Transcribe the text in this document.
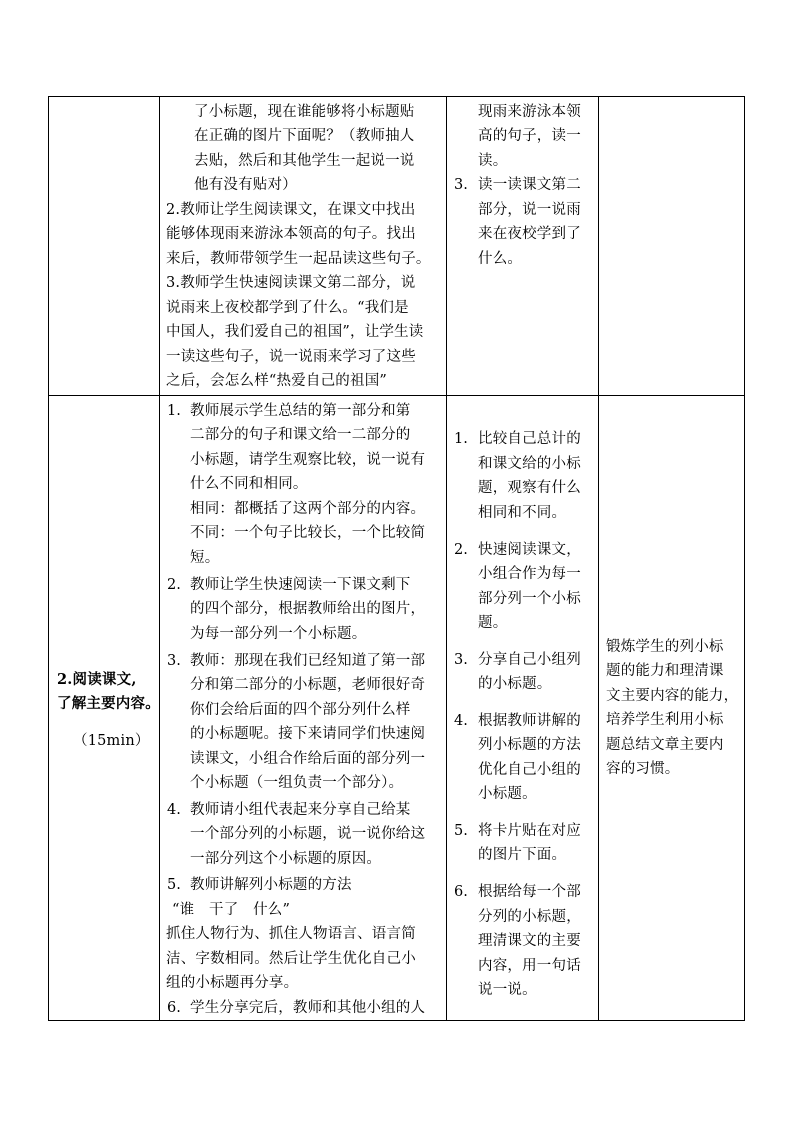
了小标题，现在谁能够将小标题贴
在正确的图片下面呢？（教师抽人
去贴，然后和其他学生一起说一说
他有没有贴对）
2.教师让学生阅读课文，在课文中找出
能够体现雨来游泳本领高的句子。找出
来后，教师带领学生一起品读这些句子。
3.教师学生快速阅读课文第二部分，说
说雨来上夜校都学到了什么。“我们是
中国人，我们爱自己的祖国”，让学生读
一读这些句子，说一说雨来学习了这些
之后，会怎么样“热爱自己的祖国”
现雨来游泳本领
高的句子，读一
读。
3. 读一读课文第二
部分，说一说雨
来在夜校学到了
什么。
2.阅读课文,
了解主要内容。
（15min）
1. 教师展示学生总结的第一部分和第
二部分的句子和课文给一二部分的
小标题，请学生观察比较，说一说有
什么不同和相同。
相同：都概括了这两个部分的内容。
不同：一个句子比较长，一个比较简
短。
2. 教师让学生快速阅读一下课文剩下
的四个部分，根据教师给出的图片，
为每一部分列一个小标题。
3. 教师：那现在我们已经知道了第一部
分和第二部分的小标题，老师很好奇
你们会给后面的四个部分列什么样
的小标题呢。接下来请同学们快速阅
读课文，小组合作给后面的部分列一
个小标题（一组负责一个部分）。
4. 教师请小组代表起来分享自己给某
一个部分列的小标题，说一说你给这
一部分列这个小标题的原因。
5. 教师讲解列小标题的方法
“谁　干了　什么”
抓住人物行为、抓住人物语言、语言简
洁、字数相同。然后让学生优化自己小
组的小标题再分享。
6. 学生分享完后，教师和其他小组的人
1. 比较自己总计的
和课文给的小标
题，观察有什么
相同和不同。
2. 快速阅读课文，
小组合作为每一
部分列一个小标
题。
3. 分享自己小组列
的小标题。
4. 根据教师讲解的
列小标题的方法
优化自己小组的
小标题。
5. 将卡片贴在对应
的图片下面。
6. 根据给每一个部
分列的小标题，
理清课文的主要
内容，用一句话
说一说。
锻炼学生的列小标
题的能力和理清课
文主要内容的能力，
培养学生利用小标
题总结文章主要内
容的习惯。
